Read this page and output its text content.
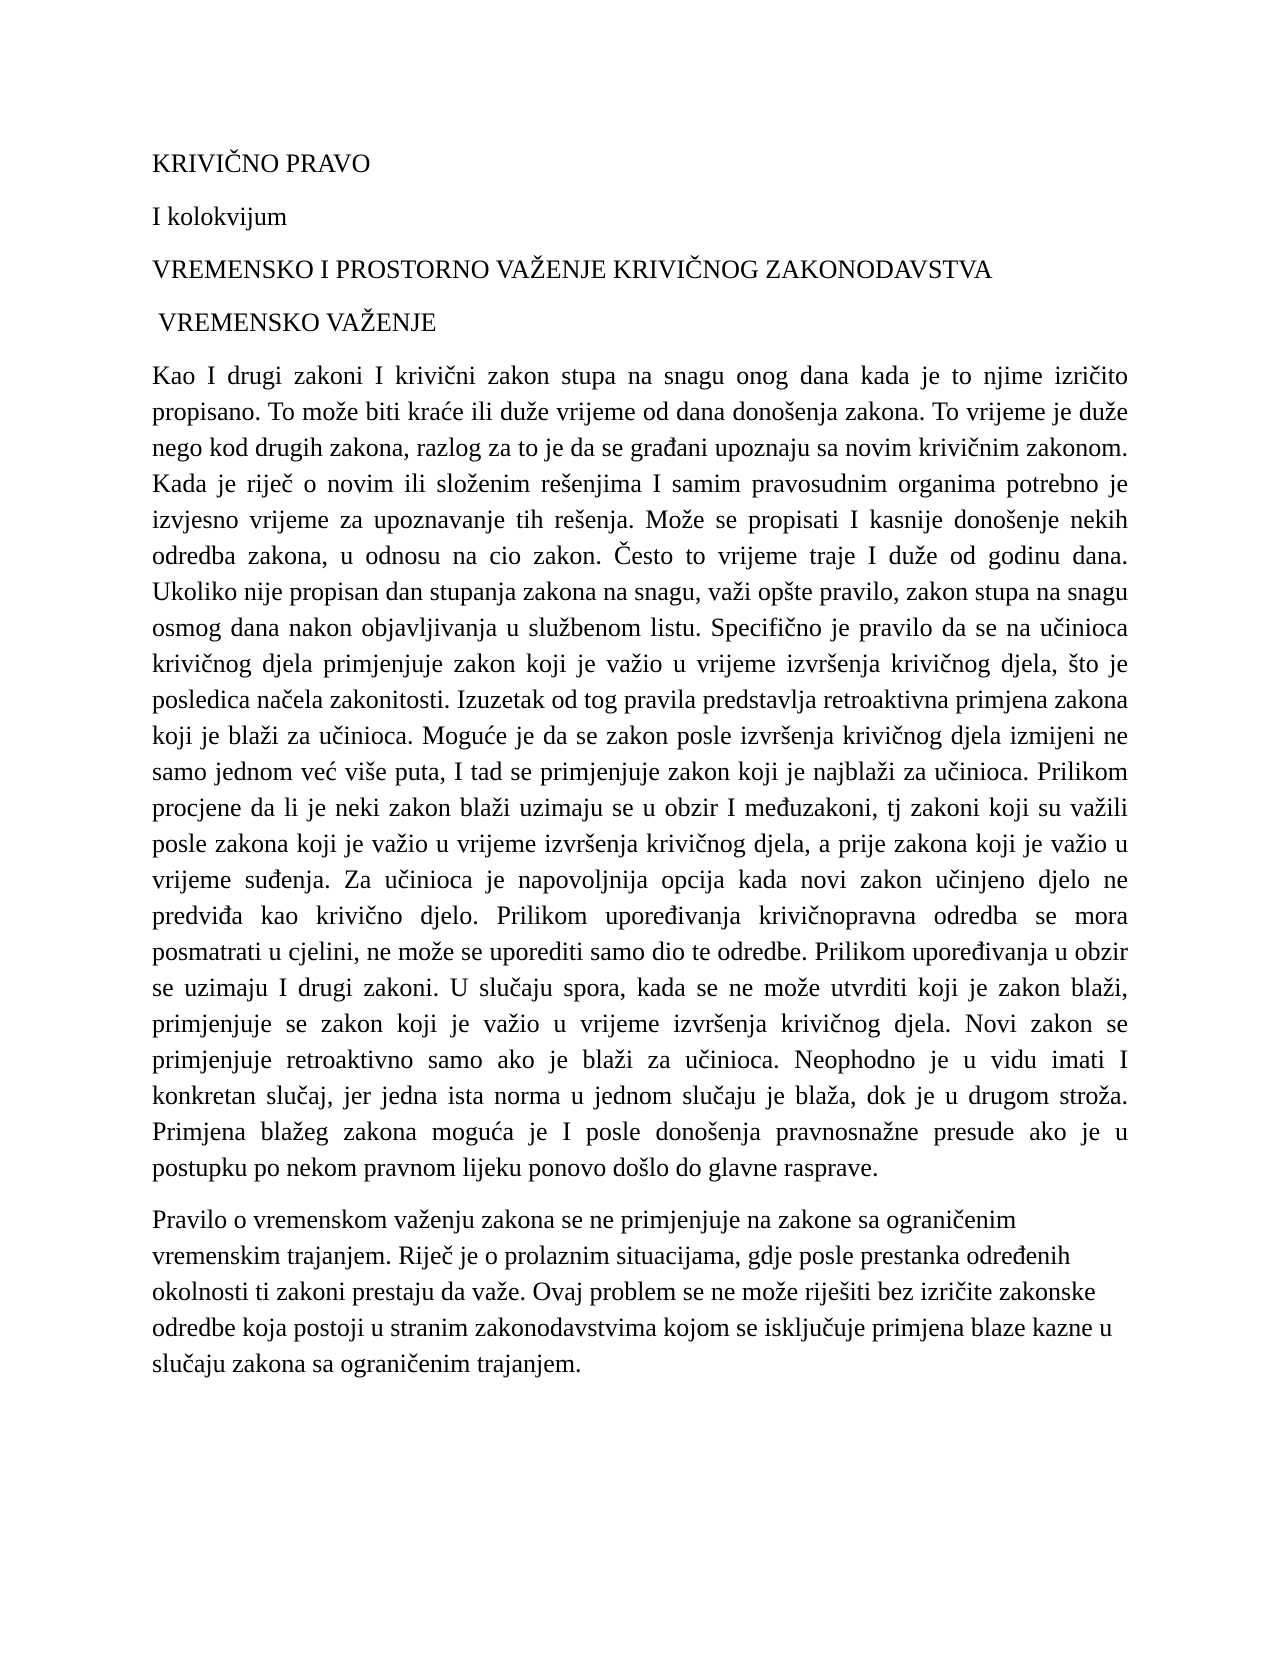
KRIVIČNO PRAVO
I kolokvijum
VREMENSKO I PROSTORNO VAŽENJE KRIVIČNOG ZAKONODAVSTVA
VREMENSKO VAŽENJE

Kao I drugi zakoni I krivični zakon stupa na snagu onog dana kada je to njime izričito propisano. To može biti kraće ili duže vrijeme od dana donošenja zakona. To vrijeme je duže nego kod drugih zakona, razlog za to je da se građani upoznaju sa novim krivičnim zakonom. Kada je riječ o novim ili složenim rešenjima I samim pravosudnim organima potrebno je izvjesno vrijeme za upoznavanje tih rešenja. Može se propisati I kasnije donošenje nekih odredba zakona, u odnosu na cio zakon. Često to vrijeme traje I duže od godinu dana. Ukoliko nije propisan dan stupanja zakona na snagu, važi opšte pravilo, zakon stupa na snagu osmog dana nakon objavljivanja u službenom listu. Specifično je pravilo da se na učinioca krivičnog djela primjenjuje zakon koji je važio u vrijeme izvršenja krivičnog djela, što je posledica načela zakonitosti. Izuzetak od tog pravila predstavlja retroaktivna primjena zakona koji je blaži za učinioca. Moguće je da se zakon posle izvršenja krivičnog djela izmijeni ne samo jednom već više puta, I tad se primjenjuje zakon koji je najblaži za učinioca. Prilikom procjene da li je neki zakon blaži uzimaju se u obzir I međuzakoni, tj zakoni koji su važili posle zakona koji je važio u vrijeme izvršenja krivičnog djela, a prije zakona koji je važio u vrijeme suđenja. Za učinioca je napovoljnija opcija kada novi zakon učinjeno djelo ne predviđa kao krivično djelo. Prilikom upoređivanja krivičnopravna odredba se mora posmatrati u cjelini, ne može se uporediti samo dio te odredbe. Prilikom upoređivanja u obzir se uzimaju I drugi zakoni. U slučaju spora, kada se ne može utvrditi koji je zakon blaži, primjenjuje se zakon koji je važio u vrijeme izvršenja krivičnog djela. Novi zakon se primjenjuje retroaktivno samo ako je blaži za učinioca. Neophodno je u vidu imati I konkretan slučaj, jer jedna ista norma u jednom slučaju je blaža, dok je u drugom stroža. Primjena blažeg zakona moguća je I posle donošenja pravnosnažne presude ako je u postupku po nekom pravnom lijeku ponovo došlo do glavne rasprave.

Pravilo o vremenskom važenju zakona se ne primjenjuje na zakone sa ograničenim vremenskim trajanjem. Riječ je o prolaznim situacijama, gdje posle prestanka određenih okolnosti ti zakoni prestaju da važe. Ovaj problem se ne može riješiti bez izričite zakonske odredbe koja postoji u stranim zakonodavstvima kojom se isključuje primjena blaze kazne u slučaju zakona sa ograničenim trajanjem.
